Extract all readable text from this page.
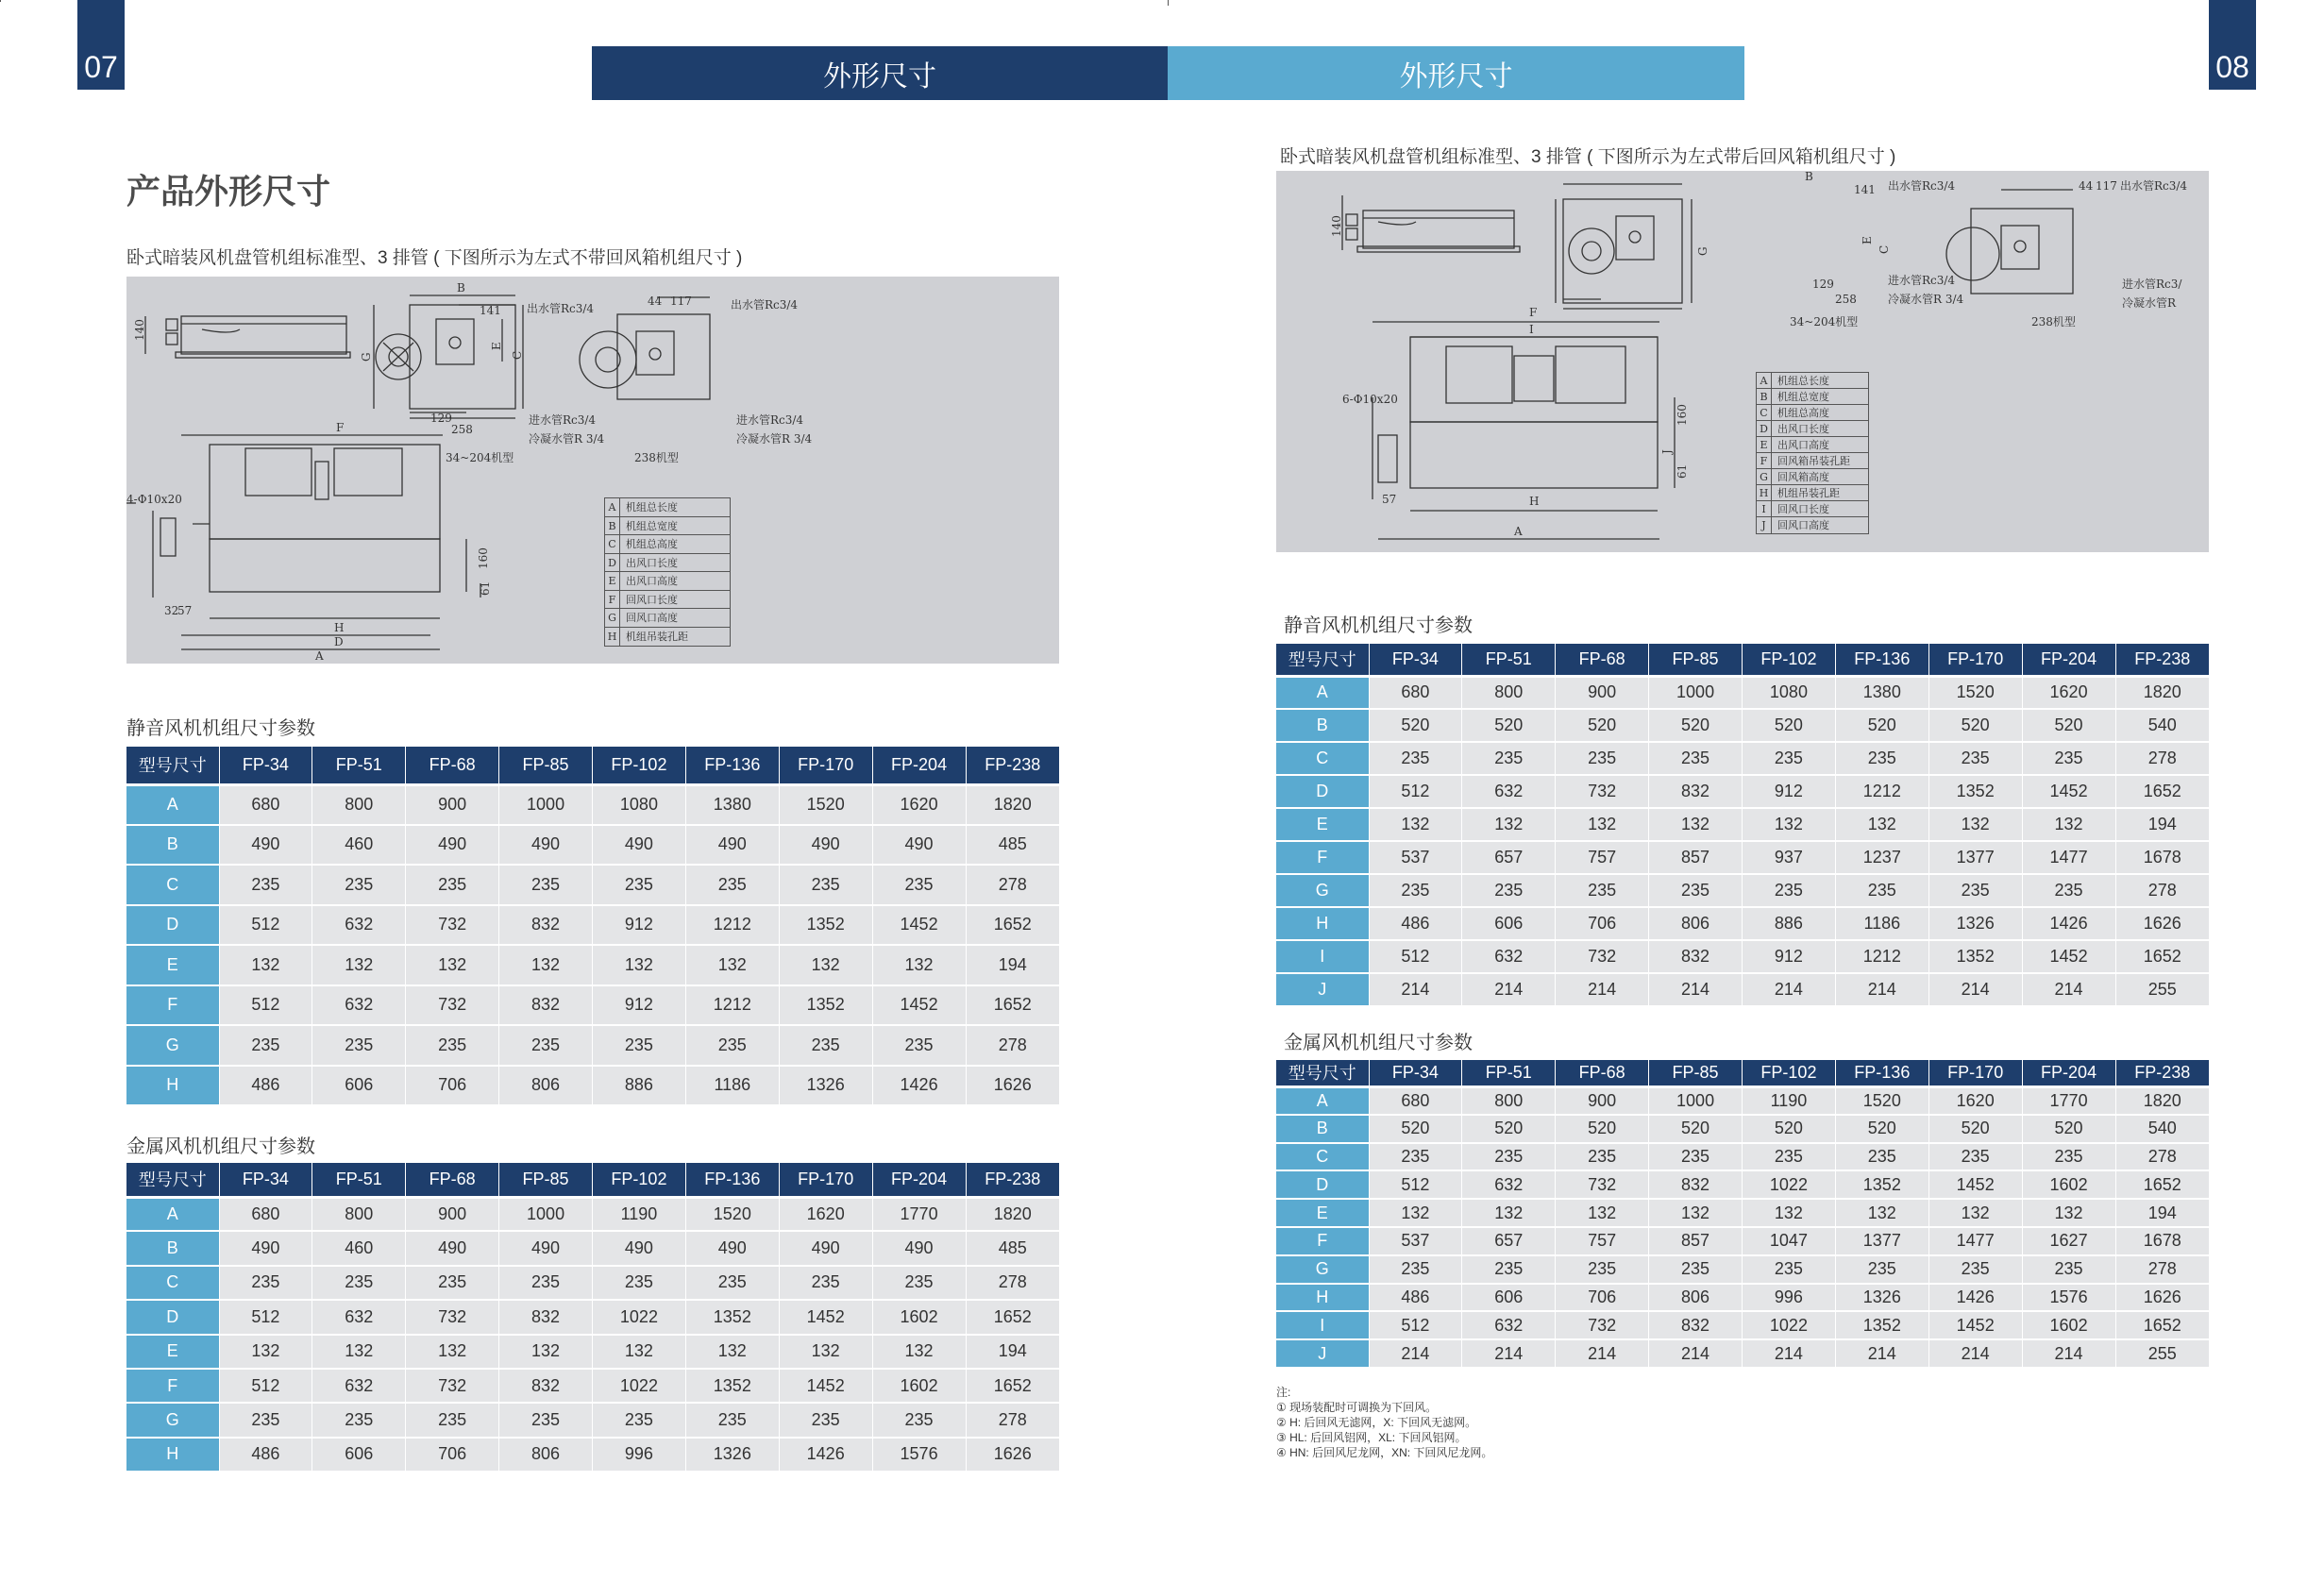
07	08
外形尺寸	外形尺寸
产品外形尺寸
卧式暗装风机盘管机组标准型、3 排管 ( 下图所示为左式不带回风箱机组尺寸 )
140
B
141
G
E
C
129
258
44 117
F
H
A
D
160
61
32
57
出水管Rc3/4
出水管Rc3/4
进水管Rc3/4
冷凝水管R 3/4
进水管Rc3/4
冷凝水管R 3/4
4-Φ10x20
34~204机型	238机型
A 机组总长度
B 机组总宽度
C 机组总高度
D 出风口长度
E 出风口高度
F 回风口长度
G 回风口高度
H 机组吊装孔距
静音风机机组尺寸参数
型号尺寸	FP-34	FP-51	FP-68	FP-85	FP-102	FP-136	FP-170	FP-204	FP-238
A	680	800	900	1000	1080	1380	1520	1620	1820
B	490	460	490	490	490	490	490	490	485
C	235	235	235	235	235	235	235	235	278
D	512	632	732	832	912	1212	1352	1452	1652
E	132	132	132	132	132	132	132	132	194
F	512	632	732	832	912	1212	1352	1452	1652
G	235	235	235	235	235	235	235	235	278
H	486	606	706	806	886	1186	1326	1426	1626
金属风机机组尺寸参数
型号尺寸	FP-34	FP-51	FP-68	FP-85	FP-102	FP-136	FP-170	FP-204	FP-238
A	680	800	900	1000	1190	1520	1620	1770	1820
B	490	460	490	490	490	490	490	490	485
C	235	235	235	235	235	235	235	235	278
D	512	632	732	832	1022	1352	1452	1602	1652
E	132	132	132	132	132	132	132	132	194
F	512	632	732	832	1022	1352	1452	1602	1652
G	235	235	235	235	235	235	235	235	278
H	486	606	706	806	996	1326	1426	1576	1626
卧式暗装风机盘管机组标准型、3 排管 ( 下图所示为左式带后回风箱机组尺寸 )
140
B
141
G	C
E
129
258
44 117
F
I
H
A
J
160
61
57
出水管Rc3/4
进水管Rc3/4
冷凝水管R 3/4
出水管Rc3/4
进水管Rc3/
冷凝水管R
6-Φ10x20
34~204机型	238机型
A 机组总长度
B 机组总宽度
C 机组总高度
D 出风口长度
E 出风口高度
F 回风箱吊装孔距
G 回风箱高度
H 机组吊装孔距
I	回风口长度
J	回风口高度
静音风机机组尺寸参数
型号尺寸	FP-34	FP-51	FP-68	FP-85	FP-102	FP-136	FP-170	FP-204	FP-238
A	680	800	900	1000	1080	1380	1520	1620	1820
B	520	520	520	520	520	520	520	520	540
C	235	235	235	235	235	235	235	235	278
D	512	632	732	832	912	1212	1352	1452	1652
E	132	132	132	132	132	132	132	132	194
F	537	657	757	857	937	1237	1377	1477	1678
G	235	235	235	235	235	235	235	235	278
H	486	606	706	806	886	1186	1326	1426	1626
I	512	632	732	832	912	1212	1352	1452	1652
J	214	214	214	214	214	214	214	214	255
金属风机机组尺寸参数
型号尺寸	FP-34	FP-51	FP-68	FP-85	FP-102	FP-136	FP-170	FP-204	FP-238
A	680	800	900	1000	1190	1520	1620	1770	1820
B	520	520	520	520	520	520	520	520	540
C	235	235	235	235	235	235	235	235	278
D	512	632	732	832	1022	1352	1452	1602	1652
E	132	132	132	132	132	132	132	132	194
F	537	657	757	857	1047	1377	1477	1627	1678
G	235	235	235	235	235	235	235	235	278
H	486	606	706	806	996	1326	1426	1576	1626
I	512	632	732	832	1022	1352	1452	1602	1652
J	214	214	214	214	214	214	214	214	255
注:
① 现场装配时可调换为下回风。
② H: 后回风无滤网，X: 下回风无滤网。
③ HL: 后回风铝网，XL: 下回风铝网。
④ HN: 后回风尼龙网，XN: 下回风尼龙网。
